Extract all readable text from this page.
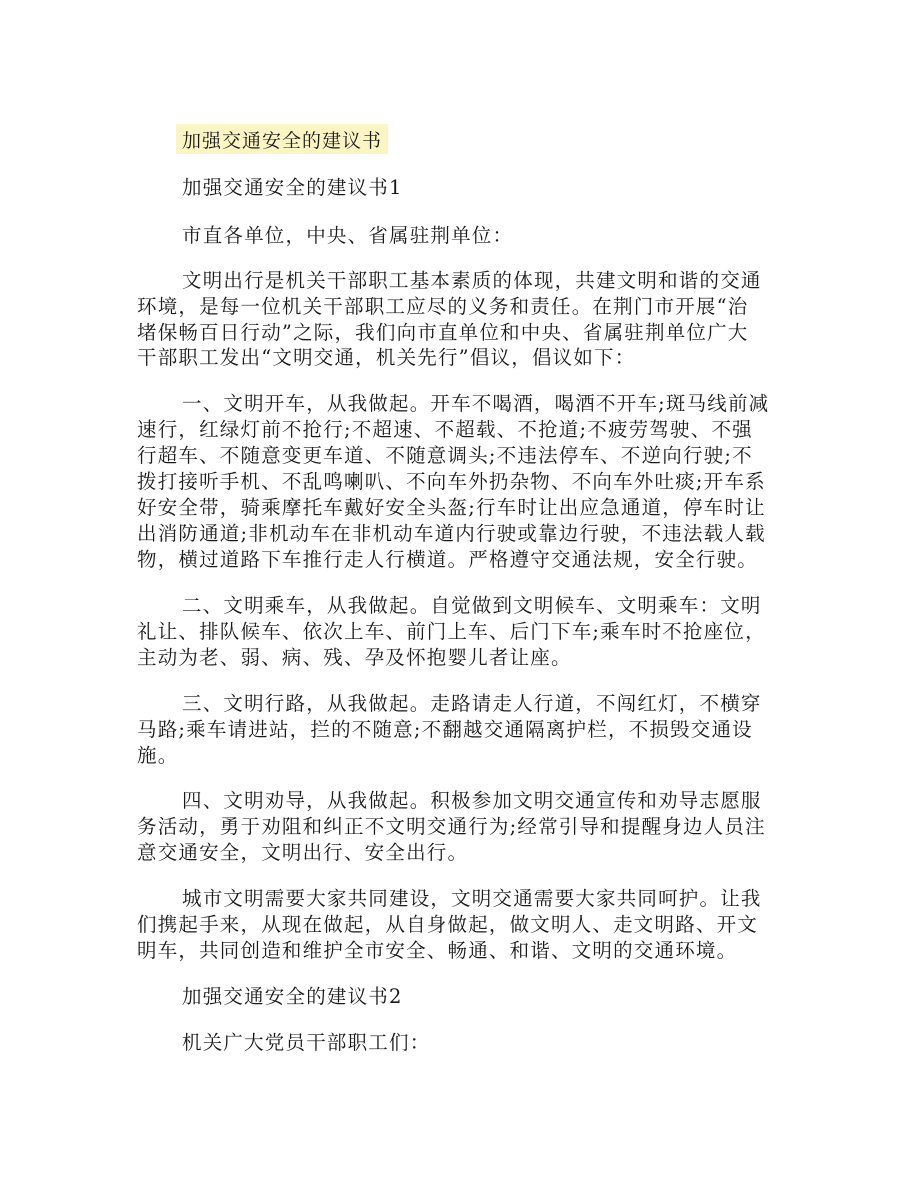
加强交通安全的建议书
加强交通安全的建议书1
市直各单位，中央、省属驻荆单位：
文明出行是机关干部职工基本素质的体现，共建文明和谐的交通
环境，是每一位机关干部职工应尽的义务和责任。在荆门市开展“治
堵保畅百日行动”之际，我们向市直单位和中央、省属驻荆单位广大
干部职工发出“文明交通，机关先行”倡议，倡议如下：
一、文明开车，从我做起。开车不喝酒，喝酒不开车;斑马线前减
速行，红绿灯前不抢行;不超速、不超载、不抢道;不疲劳驾驶、不强
行超车、不随意变更车道、不随意调头;不违法停车、不逆向行驶;不
拨打接听手机、不乱鸣喇叭、不向车外扔杂物、不向车外吐痰;开车系
好安全带，骑乘摩托车戴好安全头盔;行车时让出应急通道，停车时让
出消防通道;非机动车在非机动车道内行驶或靠边行驶，不违法载人载
物，横过道路下车推行走人行横道。严格遵守交通法规，安全行驶。
二、文明乘车，从我做起。自觉做到文明候车、文明乘车：文明
礼让、排队候车、依次上车、前门上车、后门下车;乘车时不抢座位，
主动为老、弱、病、残、孕及怀抱婴儿者让座。
三、文明行路，从我做起。走路请走人行道，不闯红灯，不横穿
马路;乘车请进站，拦的不随意;不翻越交通隔离护栏，不损毁交通设
施。
四、文明劝导，从我做起。积极参加文明交通宣传和劝导志愿服
务活动，勇于劝阻和纠正不文明交通行为;经常引导和提醒身边人员注
意交通安全，文明出行、安全出行。
城市文明需要大家共同建设，文明交通需要大家共同呵护。让我
们携起手来，从现在做起，从自身做起，做文明人、走文明路、开文
明车，共同创造和维护全市安全、畅通、和谐、文明的交通环境。
加强交通安全的建议书2
机关广大党员干部职工们：
